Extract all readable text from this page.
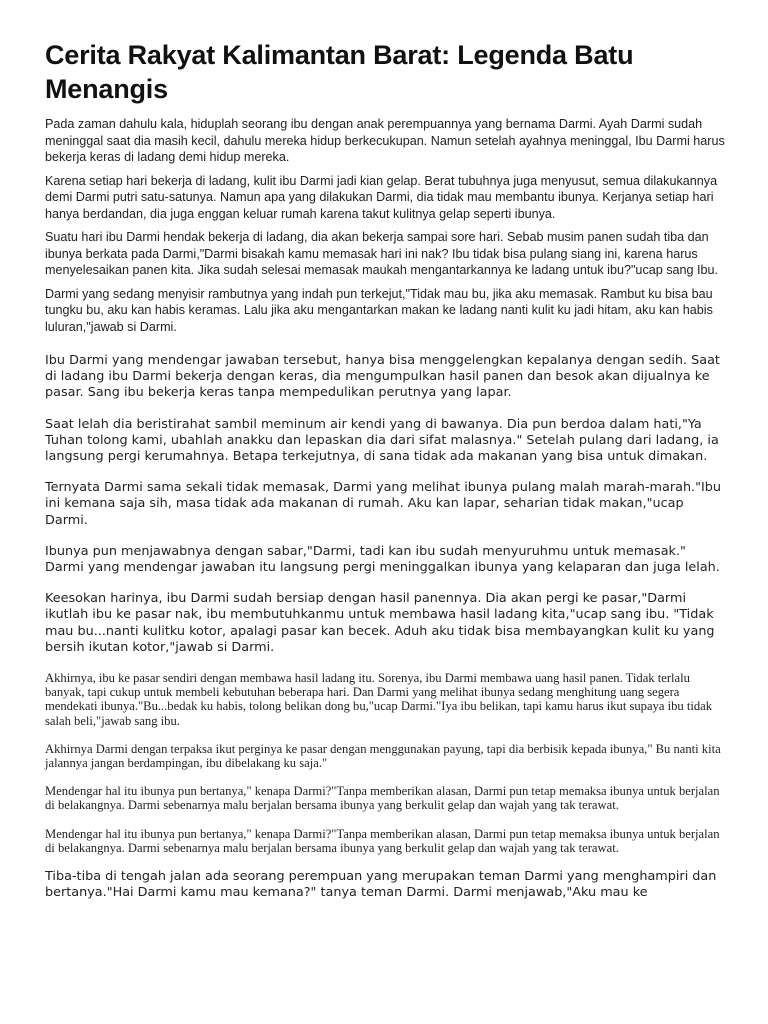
Cerita Rakyat Kalimantan Barat: Legenda Batu Menangis

Pada zaman dahulu kala, hiduplah seorang ibu dengan anak perempuannya yang bernama Darmi. Ayah Darmi sudah meninggal saat dia masih kecil, dahulu mereka hidup berkecukupan. Namun setelah ayahnya meninggal, Ibu Darmi harus bekerja keras di ladang demi hidup mereka.

Karena setiap hari bekerja di ladang, kulit ibu Darmi jadi kian gelap. Berat tubuhnya juga menyusut, semua dilakukannya demi Darmi putri satu-satunya. Namun apa yang dilakukan Darmi, dia tidak mau membantu ibunya. Kerjanya setiap hari hanya berdandan, dia juga enggan keluar rumah karena takut kulitnya gelap seperti ibunya.

Suatu hari ibu Darmi hendak bekerja di ladang, dia akan bekerja sampai sore hari. Sebab musim panen sudah tiba dan ibunya berkata pada Darmi,"Darmi bisakah kamu memasak hari ini nak? Ibu tidak bisa pulang siang ini, karena harus menyelesaikan panen kita. Jika sudah selesai memasak maukah mengantarkannya ke ladang untuk ibu?"ucap sang Ibu.

Darmi yang sedang menyisir rambutnya yang indah pun terkejut,"Tidak mau bu, jika aku memasak. Rambut ku bisa bau tungku bu, aku kan habis keramas. Lalu jika aku mengantarkan makan ke ladang nanti kulit ku jadi hitam, aku kan habis luluran,"jawab si Darmi.

Ibu Darmi yang mendengar jawaban tersebut, hanya bisa menggelengkan kepalanya dengan sedih. Saat di ladang ibu Darmi bekerja dengan keras, dia mengumpulkan hasil panen dan besok akan dijualnya ke pasar. Sang ibu bekerja keras tanpa mempedulikan perutnya yang lapar.

Saat lelah dia beristirahat sambil meminum air kendi yang di bawanya. Dia pun berdoa dalam hati,"Ya Tuhan tolong kami, ubahlah anakku dan lepaskan dia dari sifat malasnya." Setelah pulang dari ladang, ia langsung pergi kerumahnya. Betapa terkejutnya, di sana tidak ada makanan yang bisa untuk dimakan.

Ternyata Darmi sama sekali tidak memasak, Darmi yang melihat ibunya pulang malah marah-marah."Ibu ini kemana saja sih, masa tidak ada makanan di rumah. Aku kan lapar, seharian tidak makan,"ucap Darmi.

Ibunya pun menjawabnya dengan sabar,"Darmi, tadi kan ibu sudah menyuruhmu untuk memasak." Darmi yang mendengar jawaban itu langsung pergi meninggalkan ibunya yang kelaparan dan juga lelah.

Keesokan harinya, ibu Darmi sudah bersiap dengan hasil panennya. Dia akan pergi ke pasar,"Darmi ikutlah ibu ke pasar nak, ibu membutuhkanmu untuk membawa hasil ladang kita,"ucap sang ibu. "Tidak mau bu...nanti kulitku kotor, apalagi pasar kan becek. Aduh aku tidak bisa membayangkan kulit ku yang bersih ikutan kotor,"jawab si Darmi.

Akhirnya, ibu ke pasar sendiri dengan membawa hasil ladang itu. Sorenya, ibu Darmi membawa uang hasil panen. Tidak terlalu banyak, tapi cukup untuk membeli kebutuhan beberapa hari. Dan Darmi yang melihat ibunya sedang menghitung uang segera mendekati ibunya."Bu...bedak ku habis, tolong belikan dong bu,"ucap Darmi."Iya ibu belikan, tapi kamu harus ikut supaya ibu tidak salah beli,"jawab sang ibu.

Akhirnya Darmi dengan terpaksa ikut perginya ke pasar dengan menggunakan payung, tapi dia berbisik kepada ibunya," Bu nanti kita jalannya jangan berdampingan, ibu dibelakang ku saja."

Mendengar hal itu ibunya pun bertanya," kenapa Darmi?"Tanpa memberikan alasan, Darmi pun tetap memaksa ibunya untuk berjalan di belakangnya. Darmi sebenarnya malu berjalan bersama ibunya yang berkulit gelap dan wajah yang tak terawat.

Mendengar hal itu ibunya pun bertanya," kenapa Darmi?"Tanpa memberikan alasan, Darmi pun tetap memaksa ibunya untuk berjalan di belakangnya. Darmi sebenarnya malu berjalan bersama ibunya yang berkulit gelap dan wajah yang tak terawat.

Tiba-tiba di tengah jalan ada seorang perempuan yang merupakan teman Darmi yang menghampiri dan bertanya."Hai Darmi kamu mau kemana?" tanya teman Darmi. Darmi menjawab,"Aku mau ke
